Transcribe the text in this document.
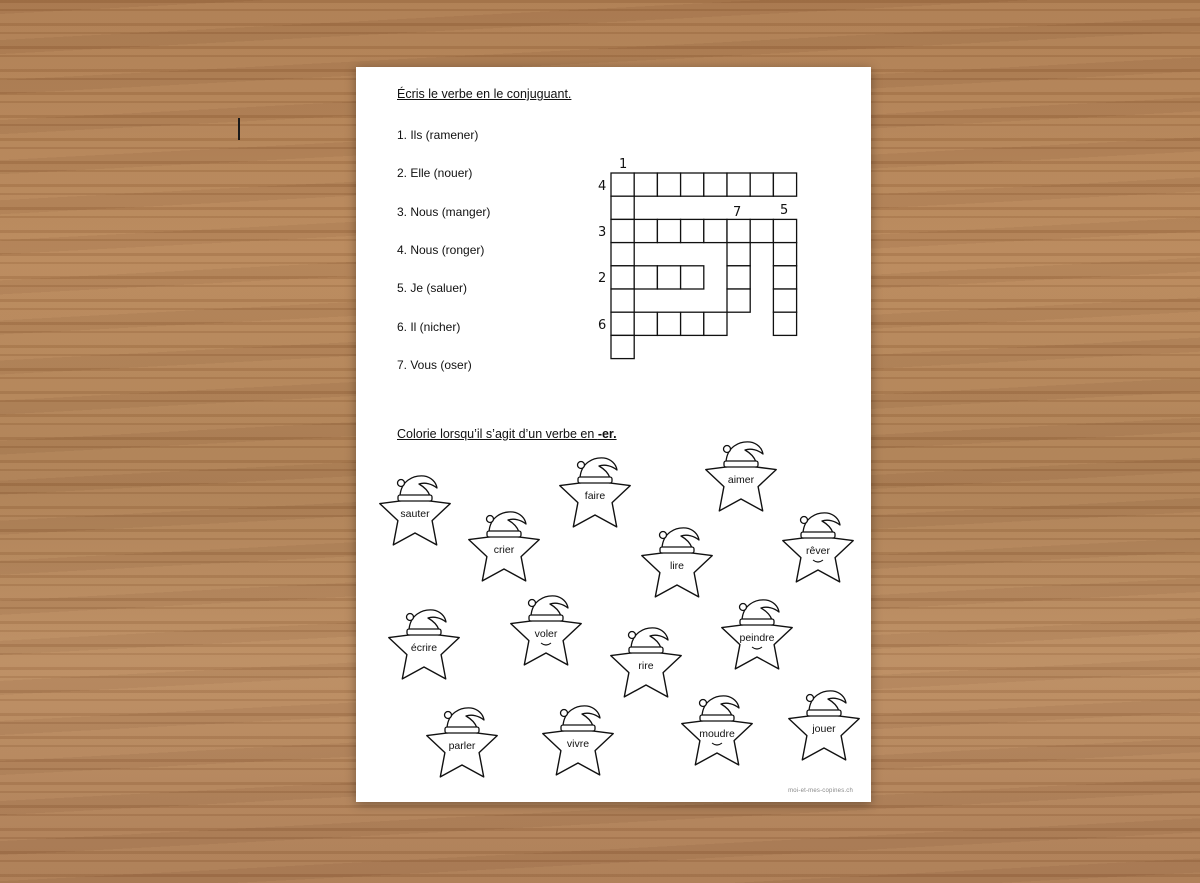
Écris le verbe en le conjuguant.
1. Ils (ramener)
2. Elle (nouer)
3. Nous (manger)
4. Nous (ronger)
5. Je (saluer)
6. Il (nicher)
7. Vous (oser)
1
4
7	5
3
2
6
Colorie lorsqu’il s’agit d’un verbe en -er.
sauter
faire
aimer
crier
lire
rêver
écrire
voler
rire
peindre
parler	vivre
moudre	jouer
moi-et-mes-copines.ch
